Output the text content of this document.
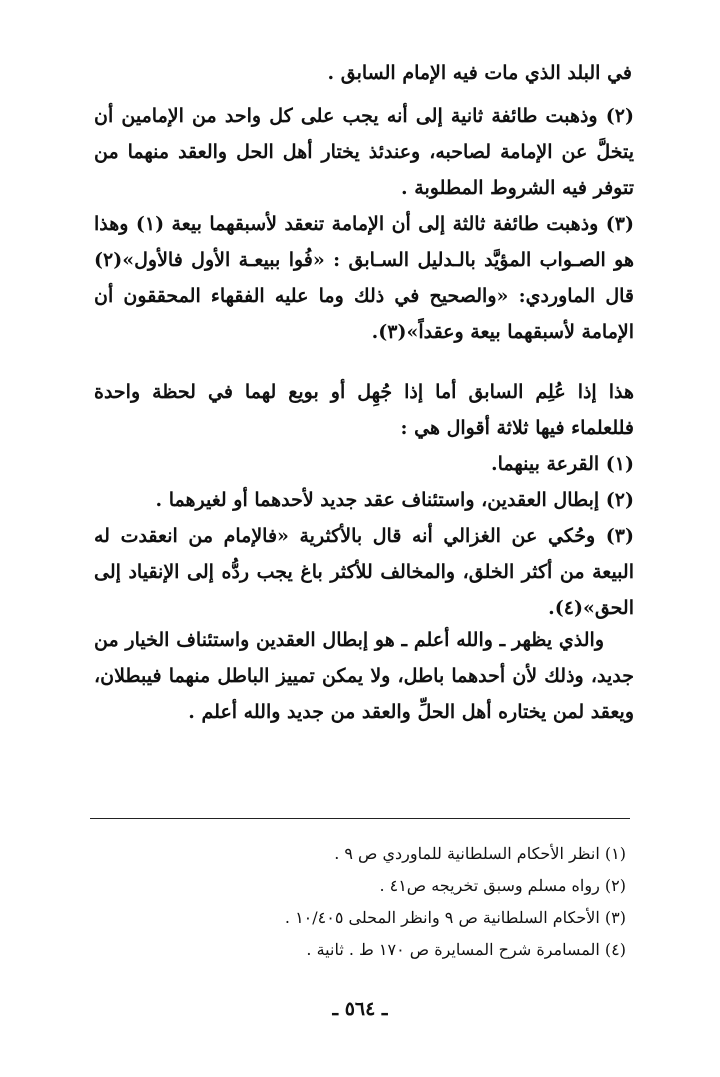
في البلد الذي مات فيه الإمام السابق .
(٢) وذهبت طائفة ثانية إلى أنه يجب على كل واحد من الإمامين أن يتخلَّ عن الإمامة لصاحبه، وعندئذ يختار أهل الحل والعقد منهما من تتوفر فيه الشروط المطلوبة .
(٣) وذهبت طائفة ثالثة إلى أن الإمامة تنعقد لأسبقهما بيعة (١) وهذا هو الصـواب المؤيَّد بالـدليل السـابق : «فُوا ببيعـة الأول فالأول»(٢) قال الماوردي: «والصحيح في ذلك وما عليه الفقهاء المحققون أن الإمامة لأسبقهما بيعة وعقداً»(٣).
هذا إذا عُلِم السابق أما إذا جُهِل أو بويع لهما في لحظة واحدة فللعلماء فيها ثلاثة أقوال هي :
(١) القرعة بينهما.
(٢) إبطال العقدين، واستئناف عقد جديد لأحدهما أو لغيرهما .
(٣) وحُكي عن الغزالي أنه قال بالأكثرية «فالإمام من انعقدت له البيعة من أكثر الخلق، والمخالف للأكثر باغ يجب ردُّه إلى الإنقياد إلى الحق»(٤).
والذي يظهر ـ والله أعلم ـ هو إبطال العقدين واستئناف الخيار من جديد، وذلك لأن أحدهما باطل، ولا يمكن تمييز الباطل منهما فيبطلان، ويعقد لمن يختاره أهل الحلِّ والعقد من جديد والله أعلم .
(١) انظر الأحكام السلطانية للماوردي ص ٩ .
(٢) رواه مسلم وسبق تخريجه ص٤١ .
(٣) الأحكام السلطانية ص ٩ وانظر المحلى ١٠/٤٠٥ .
(٤) المسامرة شرح المسايرة ص ١٧٠ ط . ثانية .
ـ ٥٦٤ ـ
